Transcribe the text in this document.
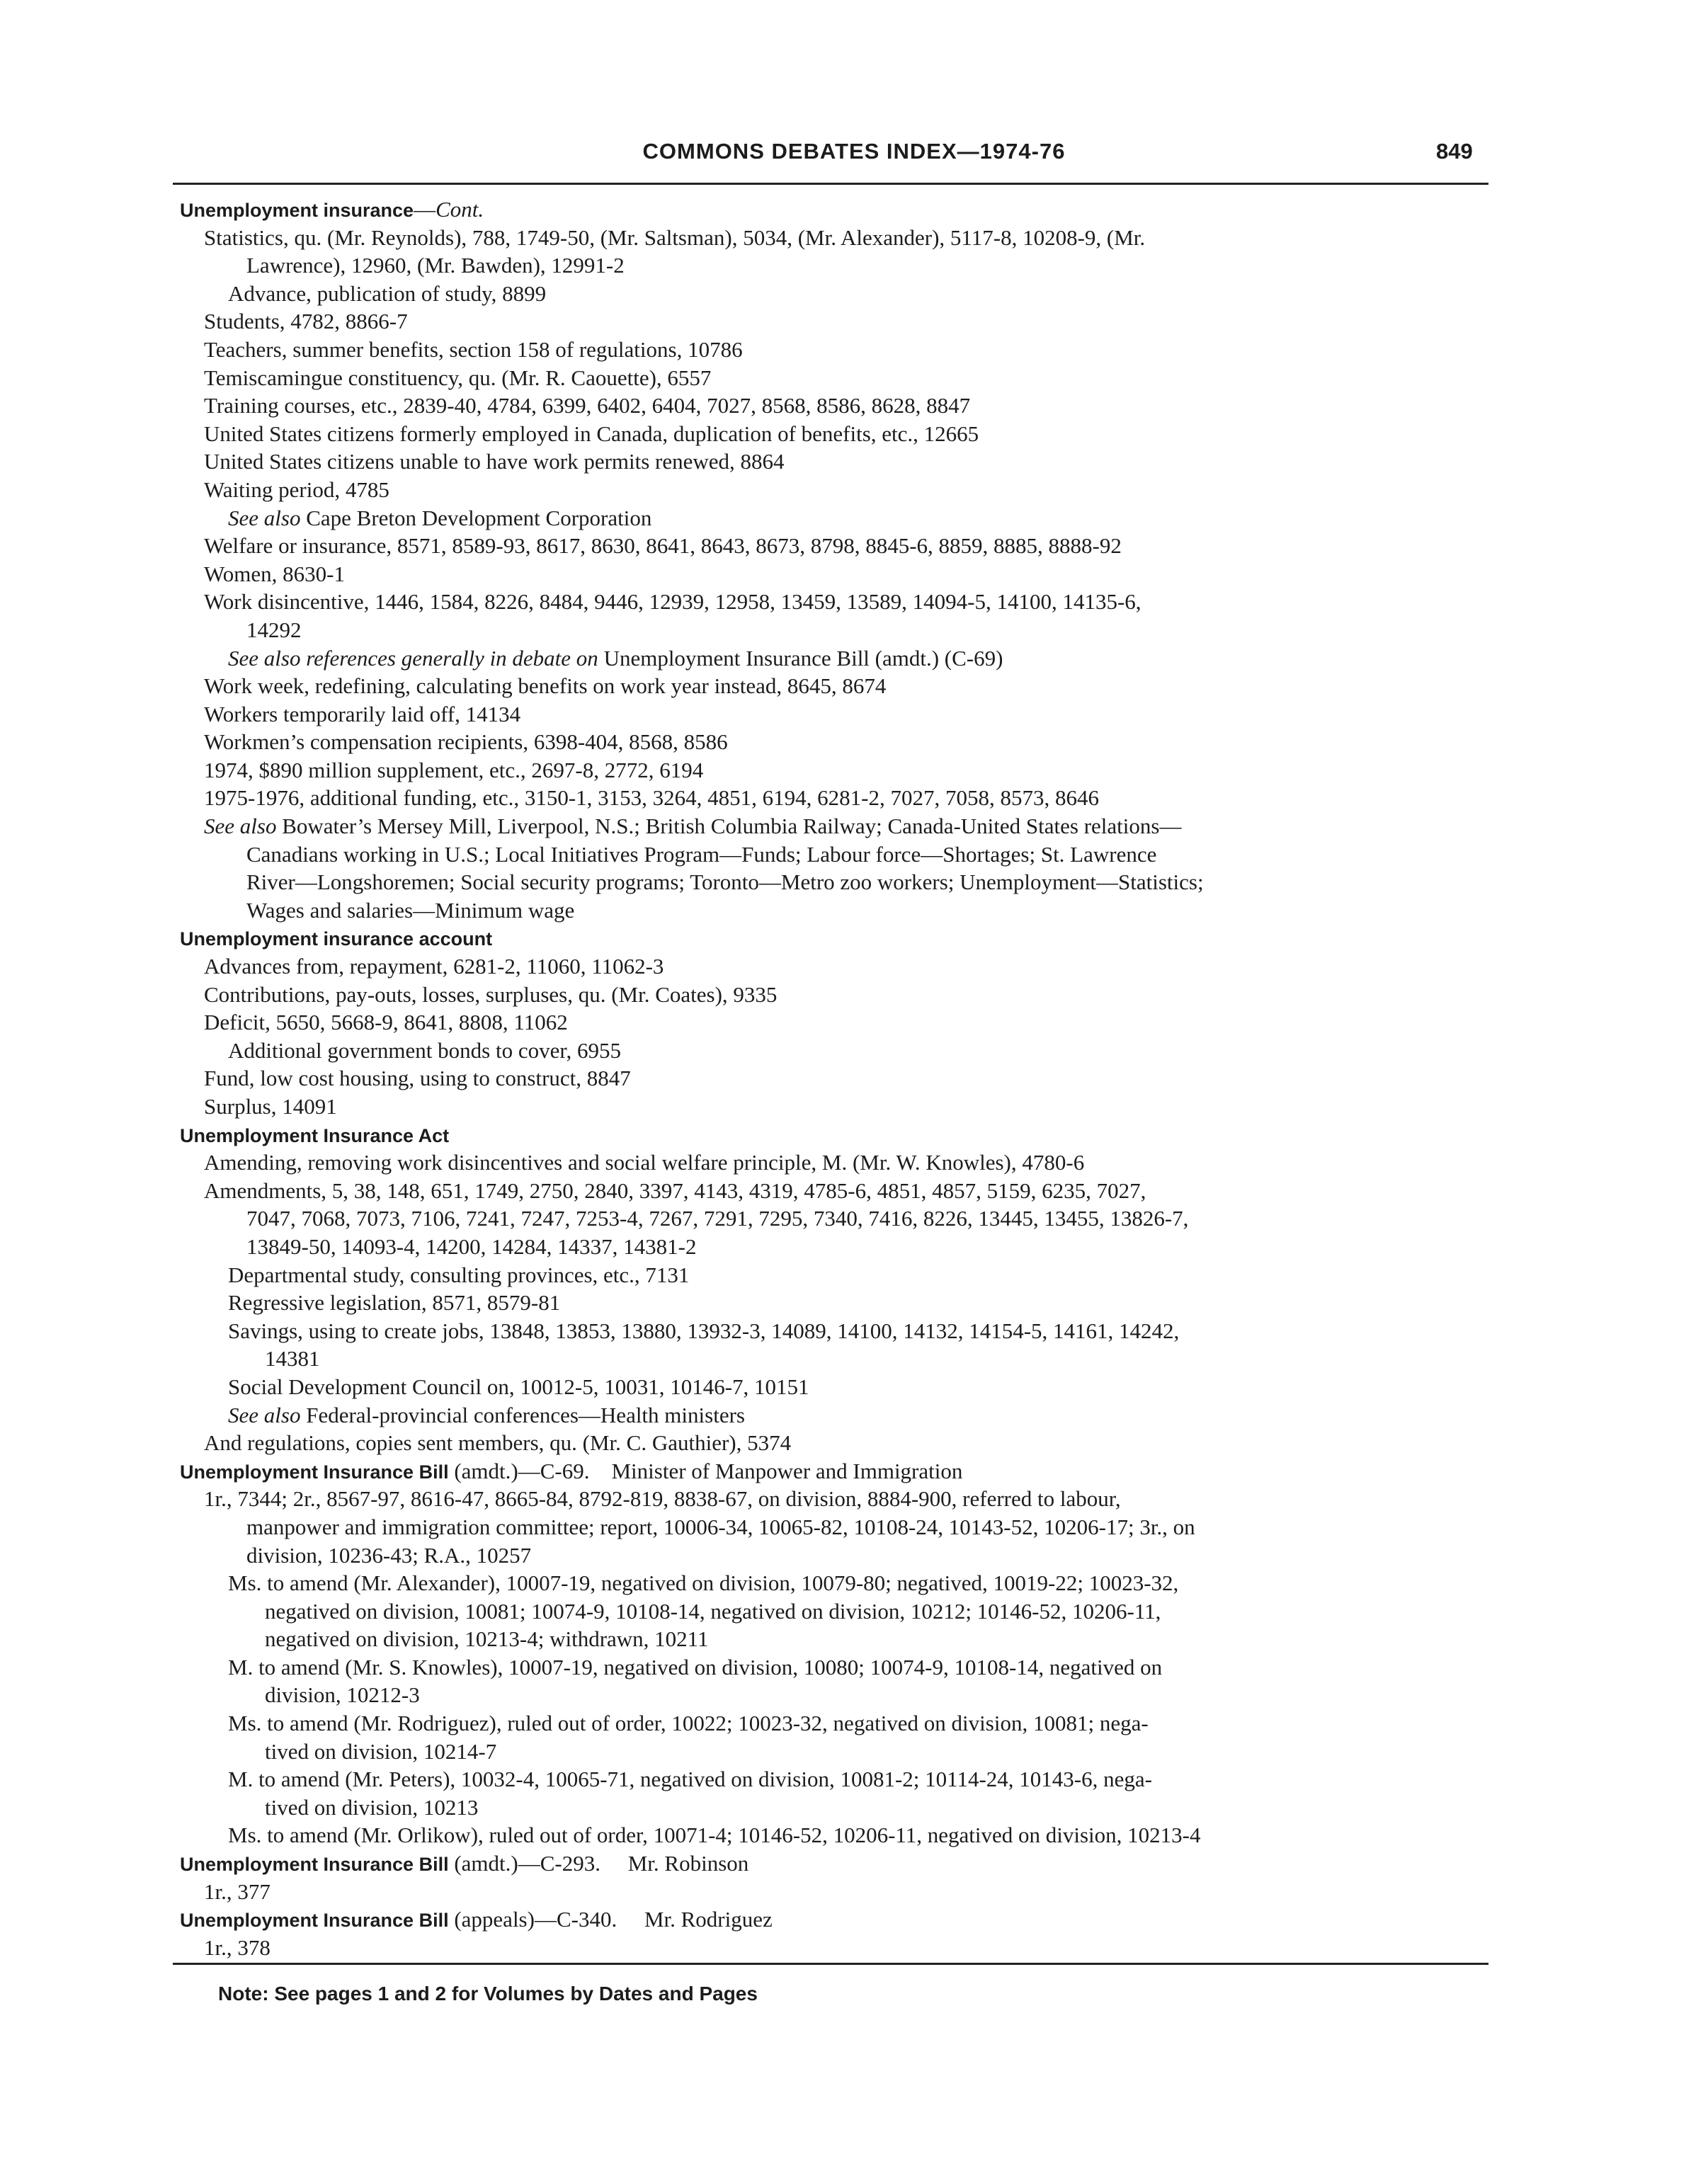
COMMONS DEBATES INDEX—1974-76	849
Unemployment insurance—Cont.
Statistics, qu. (Mr. Reynolds), 788, 1749-50, (Mr. Saltsman), 5034, (Mr. Alexander), 5117-8, 10208-9, (Mr.
Lawrence), 12960, (Mr. Bawden), 12991-2
Advance, publication of study, 8899
Students, 4782, 8866-7
Teachers, summer benefits, section 158 of regulations, 10786
Temiscamingue constituency, qu. (Mr. R. Caouette), 6557
Training courses, etc., 2839-40, 4784, 6399, 6402, 6404, 7027, 8568, 8586, 8628, 8847
United States citizens formerly employed in Canada, duplication of benefits, etc., 12665
United States citizens unable to have work permits renewed, 8864
Waiting period, 4785
See also Cape Breton Development Corporation
Welfare or insurance, 8571, 8589-93, 8617, 8630, 8641, 8643, 8673, 8798, 8845-6, 8859, 8885, 8888-92
Women, 8630-1
Work disincentive, 1446, 1584, 8226, 8484, 9446, 12939, 12958, 13459, 13589, 14094-5, 14100, 14135-6,
14292
See also references generally in debate on Unemployment Insurance Bill (amdt.) (C-69)
Work week, redefining, calculating benefits on work year instead, 8645, 8674
Workers temporarily laid off, 14134
Workmen’s compensation recipients, 6398-404, 8568, 8586
1974, $890 million supplement, etc., 2697-8, 2772, 6194
1975-1976, additional funding, etc., 3150-1, 3153, 3264, 4851, 6194, 6281-2, 7027, 7058, 8573, 8646
See also Bowater’s Mersey Mill, Liverpool, N.S.; British Columbia Railway; Canada-United States relations—
Canadians working in U.S.; Local Initiatives Program—Funds; Labour force—Shortages; St. Lawrence
River—Longshoremen; Social security programs; Toronto—Metro zoo workers; Unemployment—Statistics;
Wages and salaries—Minimum wage
Unemployment insurance account
Advances from, repayment, 6281-2, 11060, 11062-3
Contributions, pay-outs, losses, surpluses, qu. (Mr. Coates), 9335
Deficit, 5650, 5668-9, 8641, 8808, 11062
Additional government bonds to cover, 6955
Fund, low cost housing, using to construct, 8847
Surplus, 14091
Unemployment Insurance Act
Amending, removing work disincentives and social welfare principle, M. (Mr. W. Knowles), 4780-6
Amendments, 5, 38, 148, 651, 1749, 2750, 2840, 3397, 4143, 4319, 4785-6, 4851, 4857, 5159, 6235, 7027,
7047, 7068, 7073, 7106, 7241, 7247, 7253-4, 7267, 7291, 7295, 7340, 7416, 8226, 13445, 13455, 13826-7,
13849-50, 14093-4, 14200, 14284, 14337, 14381-2
Departmental study, consulting provinces, etc., 7131
Regressive legislation, 8571, 8579-81
Savings, using to create jobs, 13848, 13853, 13880, 13932-3, 14089, 14100, 14132, 14154-5, 14161, 14242,
14381
Social Development Council on, 10012-5, 10031, 10146-7, 10151
See also Federal-provincial conferences—Health ministers
And regulations, copies sent members, qu. (Mr. C. Gauthier), 5374
Unemployment Insurance Bill (amdt.)—C-69.    Minister of Manpower and Immigration
1r., 7344; 2r., 8567-97, 8616-47, 8665-84, 8792-819, 8838-67, on division, 8884-900, referred to labour,
manpower and immigration committee; report, 10006-34, 10065-82, 10108-24, 10143-52, 10206-17; 3r., on
division, 10236-43; R.A., 10257
Ms. to amend (Mr. Alexander), 10007-19, negatived on division, 10079-80; negatived, 10019-22; 10023-32,
negatived on division, 10081; 10074-9, 10108-14, negatived on division, 10212; 10146-52, 10206-11,
negatived on division, 10213-4; withdrawn, 10211
M. to amend (Mr. S. Knowles), 10007-19, negatived on division, 10080; 10074-9, 10108-14, negatived on
division, 10212-3
Ms. to amend (Mr. Rodriguez), ruled out of order, 10022; 10023-32, negatived on division, 10081; nega-
tived on division, 10214-7
M. to amend (Mr. Peters), 10032-4, 10065-71, negatived on division, 10081-2; 10114-24, 10143-6, nega-
tived on division, 10213
Ms. to amend (Mr. Orlikow), ruled out of order, 10071-4; 10146-52, 10206-11, negatived on division, 10213-4
Unemployment Insurance Bill (amdt.)—C-293.     Mr. Robinson
1r., 377
Unemployment Insurance Bill (appeals)—C-340.     Mr. Rodriguez
1r., 378
Note: See pages 1 and 2 for Volumes by Dates and Pages
